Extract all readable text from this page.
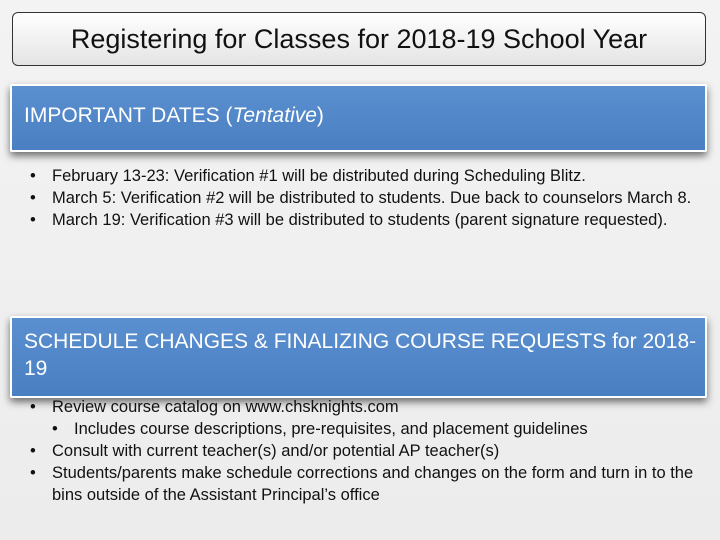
Registering for Classes for 2018-19 School Year

IMPORTANT DATES (Tentative)

• February 13-23: Verification #1 will be distributed during Scheduling Blitz.
• March 5: Verification #2 will be distributed to students. Due back to counselors March 8.
• March 19: Verification #3 will be distributed to students (parent signature requested).

SCHEDULE CHANGES & FINALIZING COURSE REQUESTS for 2018-19

• Review course catalog on www.chsknights.com
• Includes course descriptions, pre-requisites, and placement guidelines
• Consult with current teacher(s) and/or potential AP teacher(s)
• Students/parents make schedule corrections and changes on the form and turn in to the bins outside of the Assistant Principal’s office
